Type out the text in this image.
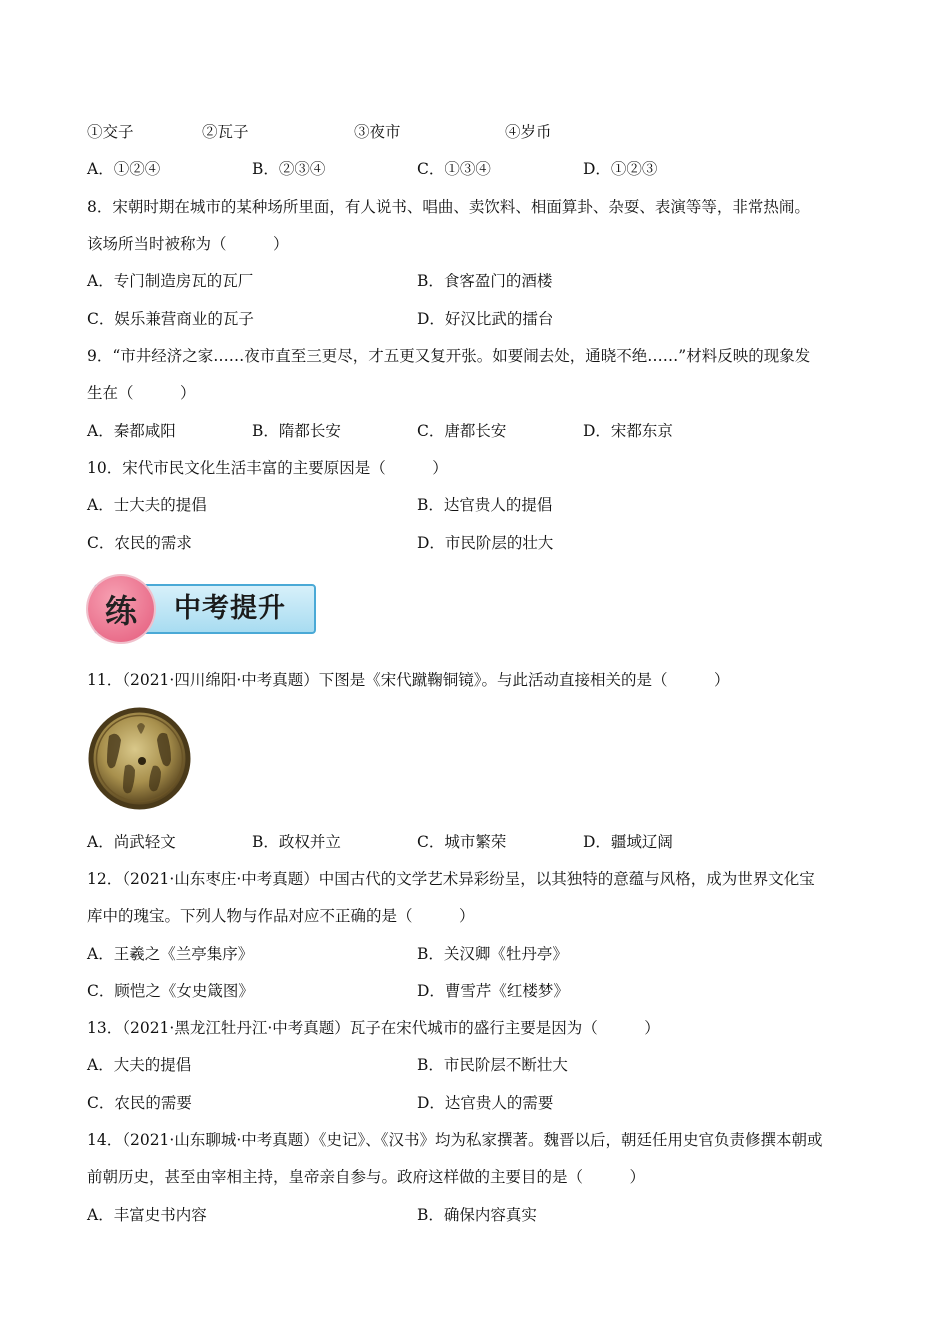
①交子	②瓦子	③夜市	④岁币
A．①②④	B．②③④	C．①③④	D．①②③
8．宋朝时期在城市的某种场所里面，有人说书、唱曲、卖饮料、相面算卦、杂耍、表演等等，非常热闹。
该场所当时被称为（　　　）
A．专门制造房瓦的瓦厂	B．食客盈门的酒楼
C．娱乐兼营商业的瓦子	D．好汉比武的擂台
9．“市井经济之家……夜市直至三更尽，才五更又复开张。如要闹去处，通晓不绝……”材料反映的现象发
生在（　　　）
A．秦都咸阳	B．隋都长安	C．唐都长安	D．宋都东京
10．宋代市民文化生活丰富的主要原因是（　　　）
A．士大夫的提倡	B．达官贵人的提倡
C．农民的需求	D．市民阶层的壮大
练	中考提升
11．（2021·四川绵阳·中考真题）下图是《宋代蹴鞠铜镜》。与此活动直接相关的是（　　　）
A．尚武轻文	B．政权并立	C．城市繁荣	D．疆域辽阔
12．（2021·山东枣庄·中考真题）中国古代的文学艺术异彩纷呈，以其独特的意蕴与风格，成为世界文化宝
库中的瑰宝。下列人物与作品对应不正确的是（　　　）
A．王羲之《兰亭集序》	B．关汉卿《牡丹亭》
C．顾恺之《女史箴图》	D．曹雪芹《红楼梦》
13．（2021·黑龙江牡丹江·中考真题）瓦子在宋代城市的盛行主要是因为（　　　）
A．大夫的提倡	B．市民阶层不断壮大
C．农民的需要	D．达官贵人的需要
14．（2021·山东聊城·中考真题）《史记》、《汉书》均为私家撰著。魏晋以后，朝廷任用史官负责修撰本朝或
前朝历史，甚至由宰相主持，皇帝亲自参与。政府这样做的主要目的是（　　　）
A．丰富史书内容	B．确保内容真实
